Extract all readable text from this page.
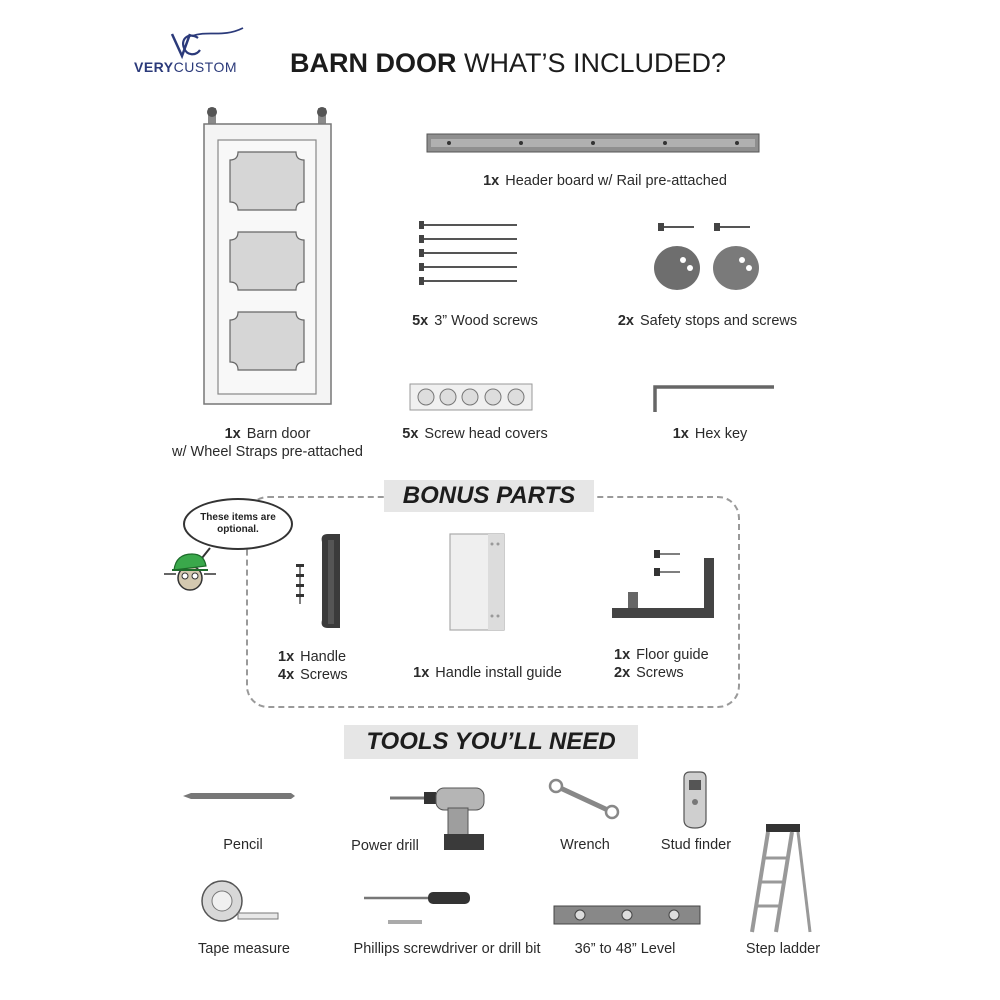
VERYCUSTOM BARN DOOR WHAT’S INCLUDED?
1x Barn door
w/ Wheel Straps pre-attached
1x Header board w/ Rail pre-attached
5x 3” Wood screws	2x Safety stops and screws
5x Screw head covers	1x Hex key
BONUS PARTS
These items are optional.
1x Handle
4x Screws	1x Handle install guide
1x Floor guide
2x Screws
TOOLS YOU’LL NEED
Pencil	Power drill	Wrench	Stud finder
Step ladder
Tape measure	Phillips screwdriver or drill bit	36” to 48” Level
